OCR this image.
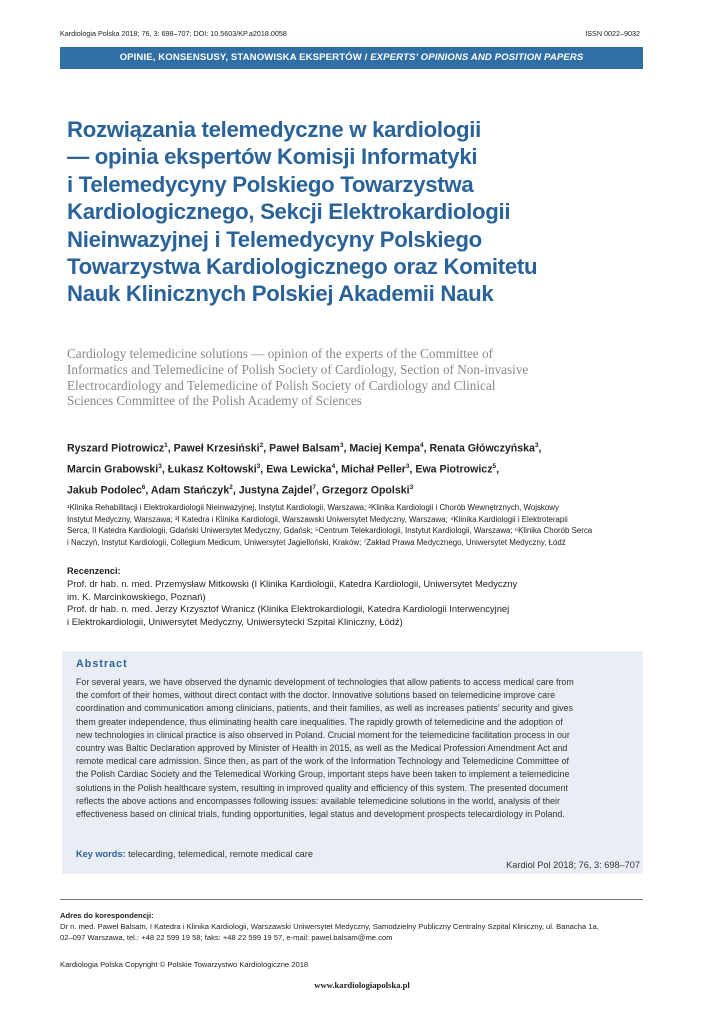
Kardiologia Polska 2018; 76, 3: 698–707; DOI: 10.5603/KP.a2018.0058	ISSN 0022–9032
OPINIE, KONSENSUSY, STANOWISKA EKSPERTÓW / EXPERTS’ OPINIONS AND POSITION PAPERS
Rozwiązania telemedyczne w kardiologii
— opinia ekspertów Komisji Informatyki
i Telemedycyny Polskiego Towarzystwa
Kardiologicznego, Sekcji Elektrokardiologii
Nieinwazyjnej i Telemedycyny Polskiego
Towarzystwa Kardiologicznego oraz Komitetu
Nauk Klinicznych Polskiej Akademii Nauk
Cardiology telemedicine solutions — opinion of the experts of the Committee of
Informatics and Telemedicine of Polish Society of Cardiology, Section of Non-invasive
Electrocardiology and Telemedicine of Polish Society of Cardiology and Clinical
Sciences Committee of the Polish Academy of Sciences
Ryszard Piotrowicz$^1$, Paweł Krzesiński$^2$, Paweł Balsam$^3$, Maciej Kempa$^4$, Renata Główczyńska$^3$,
Marcin Grabowski$^3$, Łukasz Kołtowski$^3$, Ewa Lewicka$^4$, Michał Peller$^3$, Ewa Piotrowicz$^5$,
Jakub Podolec$^6$, Adam Stańczyk$^2$, Justyna Zajdel$^7$, Grzegorz Opolski$^3$
¹Klinika Rehabilitacji i Elektrokardiologii Nieinwazyjnej, Instytut Kardiologii, Warszawa; ²Klinika Kardiologii i Chorób Wewnętrznych, Wojskowy
Instytut Medyczny, Warszawa; ³I Katedra i Klinika Kardiologii, Warszawski Uniwersytet Medyczny, Warszawa; ⁴Klinika Kardiologii i Elektroterapii
Serca, II Katedra Kardiologii, Gdański Uniwersytet Medyczny, Gdańsk; ⁵Centrum Telekardiologii, Instytut Kardiologii, Warszawa; ⁶Klinika Chorób Serca
i Naczyń, Instytut Kardiologii, Collegium Medicum, Uniwersytet Jagielloński, Kraków; ⁷Zakład Prawa Medycznego, Uniwersytet Medyczny, Łódź
Recenzenci:
Prof. dr hab. n. med. Przemysław Mitkowski (I Klinika Kardiologii, Katedra Kardiologii, Uniwersytet Medyczny
im. K. Marcinkowskiego, Poznań)
Prof. dr hab. n. med. Jerzy Krzysztof Wranicz (Klinika Elektrokardiologii, Katedra Kardiologii Interwencyjnej
i Elektrokardiologii, Uniwersytet Medyczny, Uniwersytecki Szpital Kliniczny, Łódź)
Abstract
For several years, we have observed the dynamic development of technologies that allow patients to access medical care from
the comfort of their homes, without direct contact with the doctor. Innovative solutions based on telemedicine improve care
coordination and communication among clinicians, patients, and their families, as well as increases patients’ security and gives
them greater independence, thus eliminating health care inequalities. The rapidly growth of telemedicine and the adoption of
new technologies in clinical practice is also observed in Poland. Crucial moment for the telemedicine facilitation process in our
country was Baltic Declaration approved by Minister of Health in 2015, as well as the Medical Profession Amendment Act and
remote medical care admission. Since then, as part of the work of the Information Technology and Telemedicine Committee of
the Polish Cardiac Society and the Telemedical Working Group, important steps have been taken to implement a telemedicine
solutions in the Polish healthcare system, resulting in improved quality and efficiency of this system. The presented document
reflects the above actions and encompasses following issues: available telemedicine solutions in the world, analysis of their
effectiveness based on clinical trials, funding opportunities, legal status and development prospects telecardiology in Poland.
Key words: telecarding, telemedical, remote medical care
Kardiol Pol 2018; 76, 3: 698–707
Adres do korespondencji:
Dr n. med. Paweł Balsam, I Katedra i Klinika Kardiologii, Warszawski Uniwersytet Medyczny, Samodzielny Publiczny Centralny Szpital Kliniczny, ul. Banacha 1a,
02–097 Warszawa, tel.: +48 22 599 19 58; faks: +48 22 599 19 57, e-mail: pawel.balsam@me.com
Kardiologia Polska Copyright © Polskie Towarzystwo Kardiologiczne 2018
www.kardiologiapolska.pl
